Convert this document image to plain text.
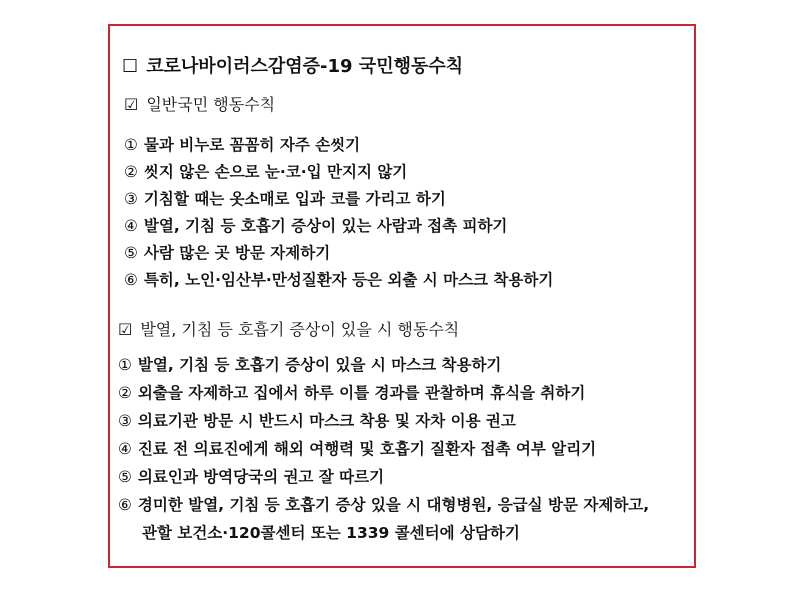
☐ 코로나바이러스감염증-19 국민행동수칙
☑ 일반국민 행동수칙
① 물과 비누로 꼼꼼히 자주 손씻기
② 씻지 않은 손으로 눈·코·입 만지지 않기
③ 기침할 때는 옷소매로 입과 코를 가리고 하기
④ 발열, 기침 등 호흡기 증상이 있는 사람과 접촉 피하기
⑤ 사람 많은 곳 방문 자제하기
⑥ 특히, 노인·임산부·만성질환자 등은 외출 시 마스크 착용하기
☑ 발열, 기침 등 호흡기 증상이 있을 시 행동수칙
① 발열, 기침 등 호흡기 증상이 있을 시 마스크 착용하기
② 외출을 자제하고 집에서 하루 이틀 경과를 관찰하며 휴식을 취하기
③ 의료기관 방문 시 반드시 마스크 착용 및 자차 이용 권고
④ 진료 전 의료진에게 해외 여행력 및 호흡기 질환자 접촉 여부 알리기
⑤ 의료인과 방역당국의 권고 잘 따르기
⑥ 경미한 발열, 기침 등 호흡기 증상 있을 시 대형병원, 응급실 방문 자제하고,
관할 보건소·120콜센터 또는 1339 콜센터에 상담하기
